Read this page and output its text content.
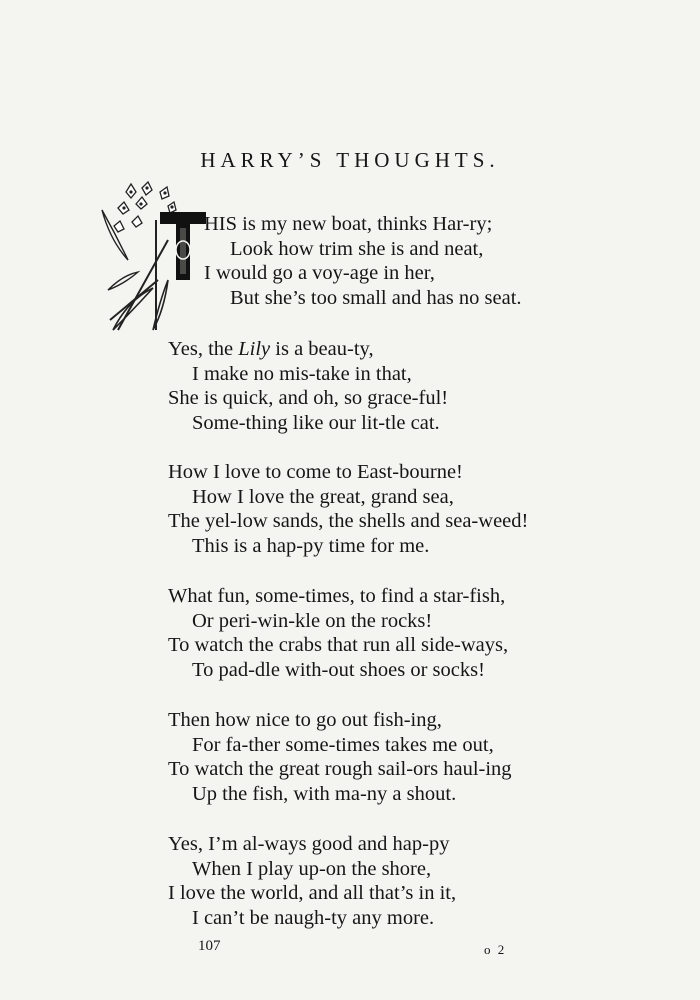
HARRY’S THOUGHTS.
T
HIS is my new boat, thinks Har-ry;
Look how trim she is and neat,
I would go a voy-age in her,
But she’s too small and has no seat.
Yes, the Lily is a beau-ty,
I make no mis-take in that,
She is quick, and oh, so grace-ful!
Some-thing like our lit-tle cat.
How I love to come to East-bourne!
How I love the great, grand sea,
The yel-low sands, the shells and sea-weed!
This is a hap-py time for me.
What fun, some-times, to find a star-fish,
Or peri-win-kle on the rocks!
To watch the crabs that run all side-ways,
To pad-dle with-out shoes or socks!
Then how nice to go out fish-ing,
For fa-ther some-times takes me out,
To watch the great rough sail-ors haul-ing
Up the fish, with ma-ny a shout.
Yes, I’m al-ways good and hap-py
When I play up-on the shore,
I love the world, and all that’s in it,
I can’t be naugh-ty any more.
107	o 2
